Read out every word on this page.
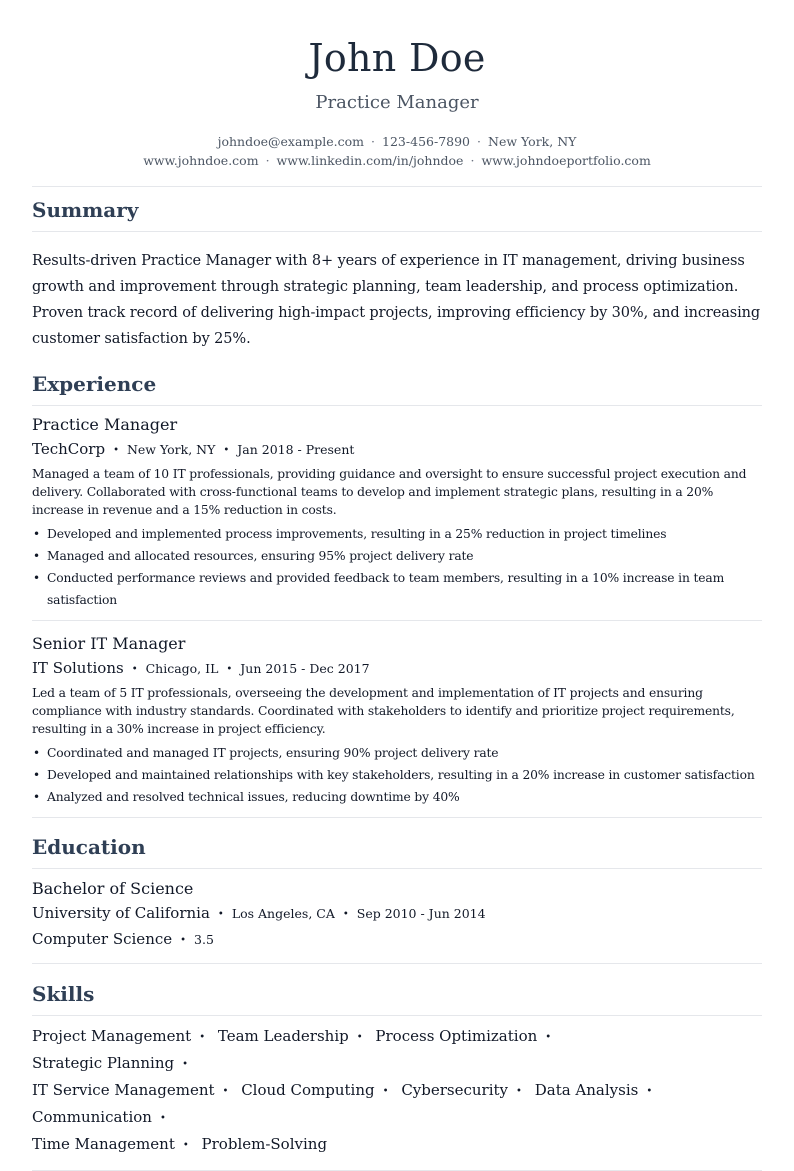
John Doe
Practice Manager
johndoe@example.com · 123-456-7890 · New York, NY
www.johndoe.com · www.linkedin.com/in/johndoe · www.johndoeportfolio.com
Summary

Results-driven Practice Manager with 8+ years of experience in IT management, driving business growth and improvement through strategic planning, team leadership, and process optimization. Proven track record of delivering high-impact projects, improving efficiency by 30%, and increasing customer satisfaction by 25%.

Experience
Practice Manager
TechCorp • New York, NY • Jan 2018 - Present

Managed a team of 10 IT professionals, providing guidance and oversight to ensure successful project execution and delivery. Collaborated with cross-functional teams to develop and implement strategic plans, resulting in a 20% increase in revenue and a 15% reduction in costs.

• Developed and implemented process improvements, resulting in a 25% reduction in project timelines
• Managed and allocated resources, ensuring 95% project delivery rate
• Conducted performance reviews and provided feedback to team members, resulting in a 10% increase in team satisfaction
Senior IT Manager
IT Solutions • Chicago, IL • Jun 2015 - Dec 2017

Led a team of 5 IT professionals, overseeing the development and implementation of IT projects and ensuring compliance with industry standards. Coordinated with stakeholders to identify and prioritize project requirements, resulting in a 30% increase in project efficiency.

• Coordinated and managed IT projects, ensuring 90% project delivery rate
• Developed and maintained relationships with key stakeholders, resulting in a 20% increase in customer satisfaction
• Analyzed and resolved technical issues, reducing downtime by 40%
Education
Bachelor of Science
University of California • Los Angeles, CA • Sep 2010 - Jun 2014
Computer Science • 3.5
Skills
Project Management • Team Leadership • Process Optimization • Strategic Planning •
IT Service Management • Cloud Computing • Cybersecurity • Data Analysis • Communication •
Time Management • Problem-Solving
